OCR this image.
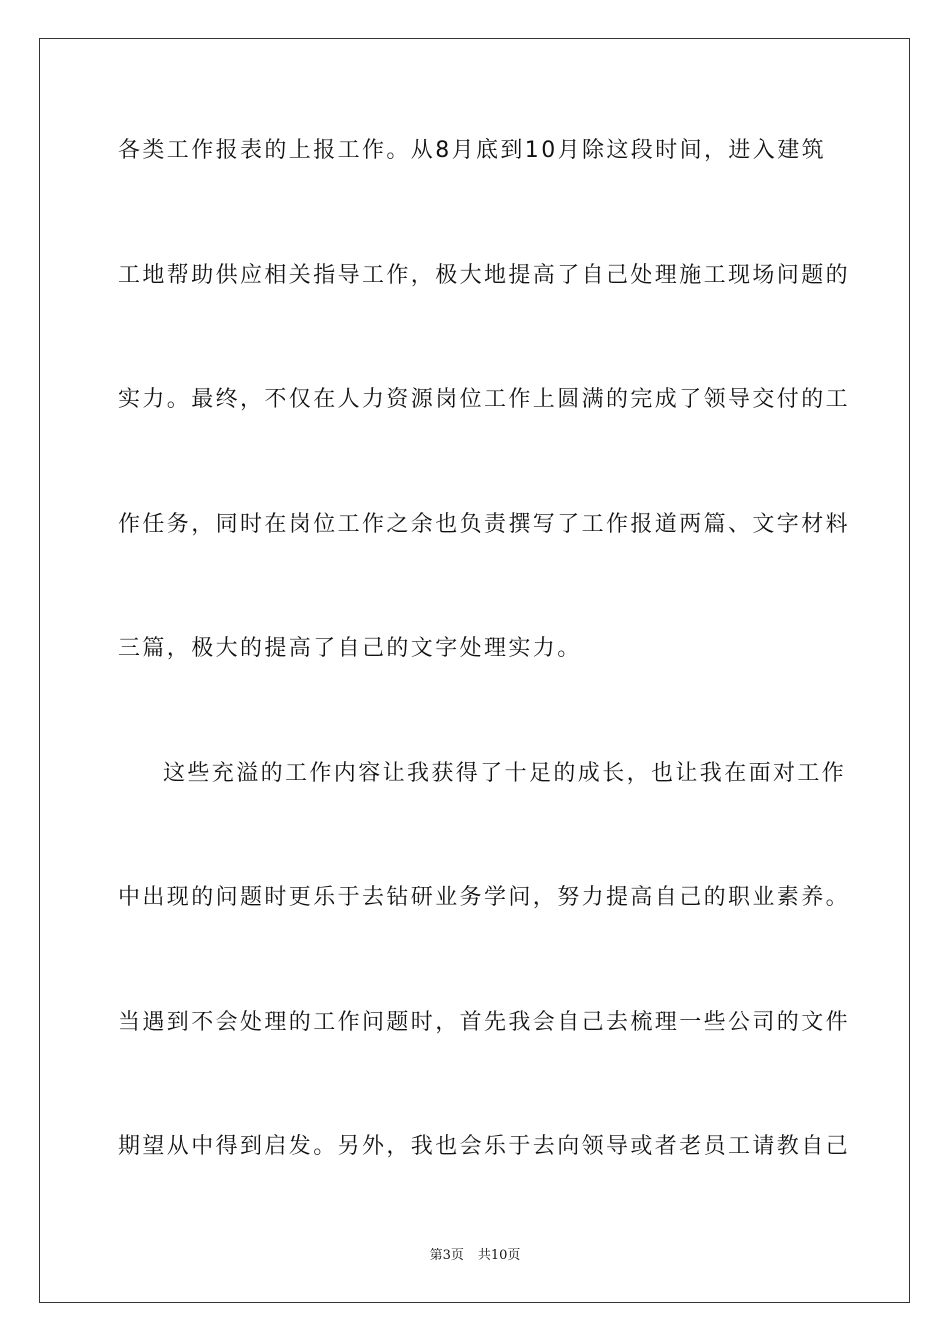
各类工作报表的上报工作。从8月底到10月除这段时间，进入建筑
工地帮助供应相关指导工作，极大地提高了自己处理施工现场问题的
实力。最终，不仅在人力资源岗位工作上圆满的完成了领导交付的工
作任务，同时在岗位工作之余也负责撰写了工作报道两篇、文字材料
三篇，极大的提高了自己的文字处理实力。
这些充溢的工作内容让我获得了十足的成长，也让我在面对工作
中出现的问题时更乐于去钻研业务学问，努力提高自己的职业素养。
当遇到不会处理的工作问题时，首先我会自己去梳理一些公司的文件
期望从中得到启发。另外，我也会乐于去向领导或者老员工请教自己
第3页 共10页
